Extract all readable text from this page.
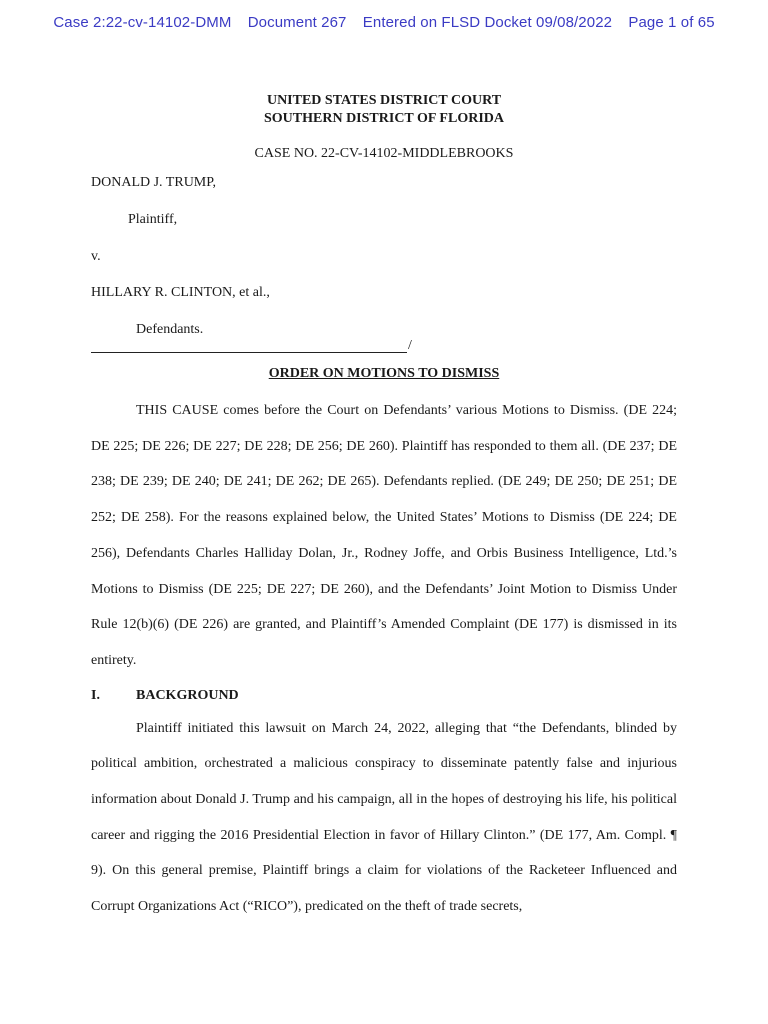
Case 2:22-cv-14102-DMM Document 267 Entered on FLSD Docket 09/08/2022 Page 1 of 65
UNITED STATES DISTRICT COURT
SOUTHERN DISTRICT OF FLORIDA
CASE NO. 22-CV-14102-MIDDLEBROOKS
DONALD J. TRUMP,
Plaintiff,
v.
HILLARY R. CLINTON, et al.,
Defendants.
/
ORDER ON MOTIONS TO DISMISS

THIS CAUSE comes before the Court on Defendants’ various Motions to Dismiss. (DE 224; DE 225; DE 226; DE 227; DE 228; DE 256; DE 260). Plaintiff has responded to them all. (DE 237; DE 238; DE 239; DE 240; DE 241; DE 262; DE 265). Defendants replied. (DE 249; DE 250; DE 251; DE 252; DE 258). For the reasons explained below, the United States’ Motions to Dismiss (DE 224; DE 256), Defendants Charles Halliday Dolan, Jr., Rodney Joffe, and Orbis Business Intelligence, Ltd.’s Motions to Dismiss (DE 225; DE 227; DE 260), and the Defendants’ Joint Motion to Dismiss Under Rule 12(b)(6) (DE 226) are granted, and Plaintiff’s Amended Complaint (DE 177) is dismissed in its entirety.

I.	BACKGROUND

Plaintiff initiated this lawsuit on March 24, 2022, alleging that “the Defendants, blinded by political ambition, orchestrated a malicious conspiracy to disseminate patently false and injurious information about Donald J. Trump and his campaign, all in the hopes of destroying his life, his political career and rigging the 2016 Presidential Election in favor of Hillary Clinton.” (DE 177, Am. Compl. ¶ 9). On this general premise, Plaintiff brings a claim for violations of the Racketeer Influenced and Corrupt Organizations Act (“RICO”), predicated on the theft of trade secrets,
